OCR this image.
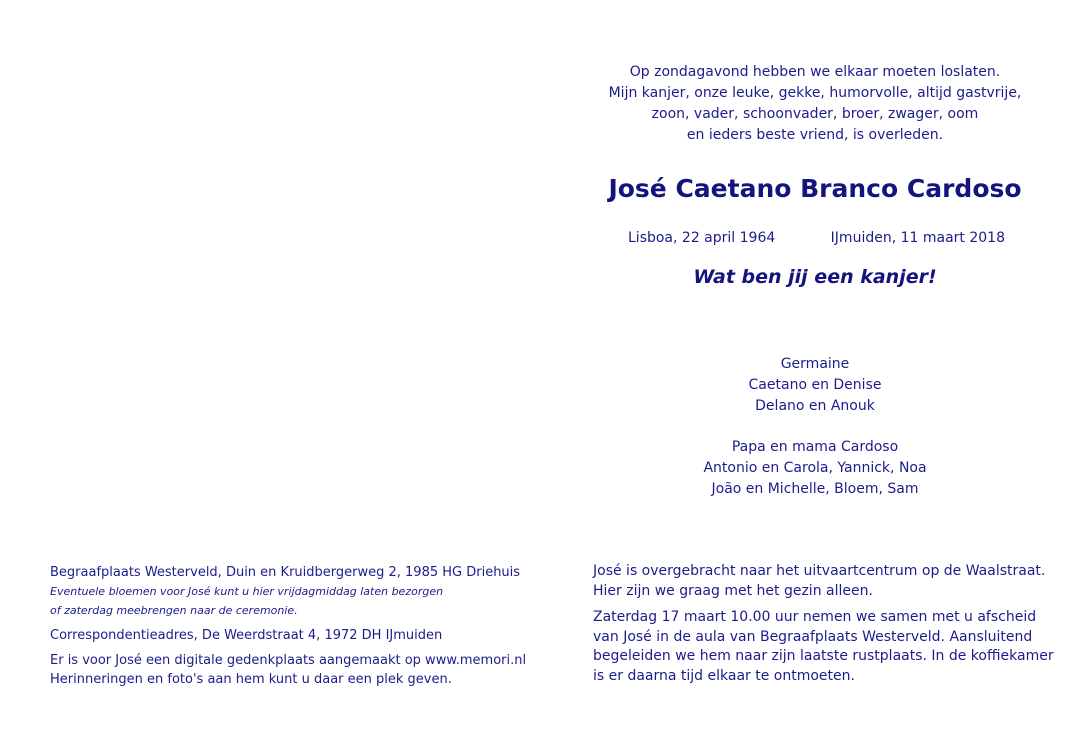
Op zondagavond hebben we elkaar moeten loslaten.
Mijn kanjer, onze leuke, gekke, humorvolle, altijd gastvrije,
zoon, vader, schoonvader, broer, zwager, oom
en ieders beste vriend, is overleden.
José Caetano Branco Cardoso
Lisboa, 22 april 1964	IJmuiden, 11 maart 2018
Wat ben jij een kanjer!
Germaine
Caetano en Denise
Delano en Anouk
Papa en mama Cardoso
Antonio en Carola, Yannick, Noa
João en Michelle, Bloem, Sam
Begraafplaats Westerveld, Duin en Kruidbergerweg 2, 1985 HG Driehuis
Eventuele bloemen voor José kunt u hier vrijdagmiddag laten bezorgen
of zaterdag meebrengen naar de ceremonie.
Correspondentieadres, De Weerdstraat 4, 1972 DH IJmuiden
Er is voor José een digitale gedenkplaats aangemaakt op www.memori.nl
Herinneringen en foto's aan hem kunt u daar een plek geven.
José is overgebracht naar het uitvaartcentrum op de Waalstraat.
Hier zijn we graag met het gezin alleen.
Zaterdag 17 maart 10.00 uur nemen we samen met u afscheid
van José in de aula van Begraafplaats Westerveld. Aansluitend
begeleiden we hem naar zijn laatste rustplaats. In de koffiekamer
is er daarna tijd elkaar te ontmoeten.
